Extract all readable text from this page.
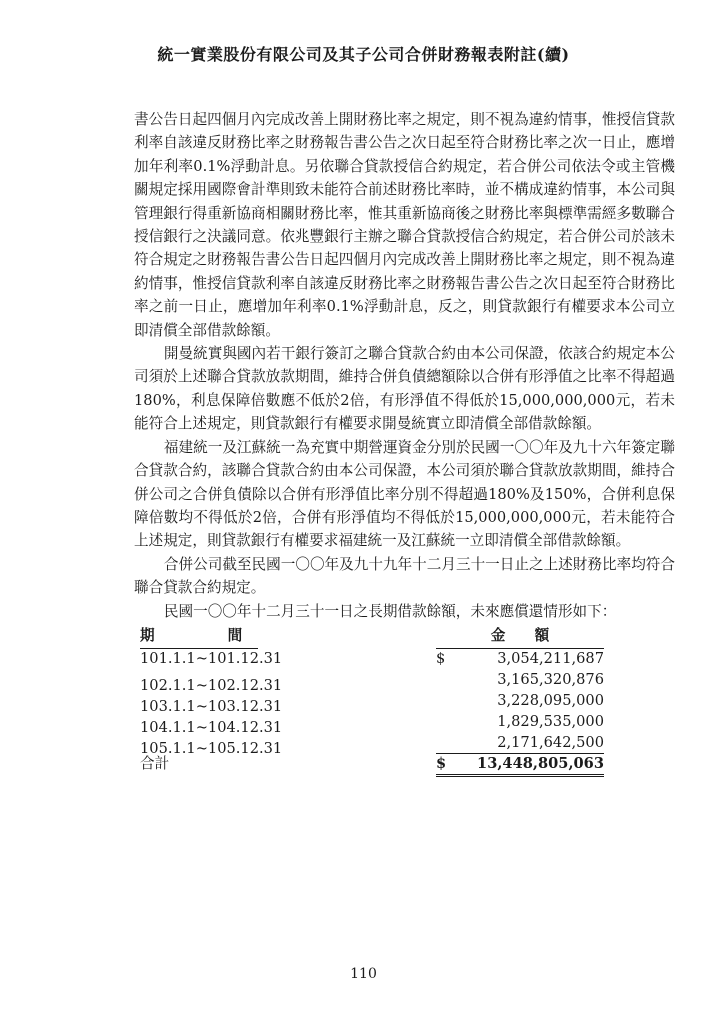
統一實業股份有限公司及其子公司合併財務報表附註(續)

書公告日起四個月內完成改善上開財務比率之規定，則不視為違約情事，惟授信貸款利率自該違反財務比率之財務報告書公告之次日起至符合財務比率之次一日止，應增加年利率0.1%浮動計息。另依聯合貸款授信合約規定，若合併公司依法令或主管機關規定採用國際會計準則致未能符合前述財務比率時，並不構成違約情事，本公司與管理銀行得重新協商相關財務比率，惟其重新協商後之財務比率與標準需經多數聯合授信銀行之決議同意。依兆豐銀行主辦之聯合貸款授信合約規定，若合併公司於該未符合規定之財務報告書公告日起四個月內完成改善上開財務比率之規定，則不視為違約情事，惟授信貸款利率自該違反財務比率之財務報告書公告之次日起至符合財務比率之前一日止，應增加年利率0.1%浮動計息，反之，則貸款銀行有權要求本公司立即清償全部借款餘額。

開曼統實與國內若干銀行簽訂之聯合貸款合約由本公司保證，依該合約規定本公司須於上述聯合貸款放款期間，維持合併負債總額除以合併有形淨值之比率不得超過180%，利息保障倍數應不低於2倍，有形淨值不得低於15,000,000,000元，若未能符合上述規定，則貸款銀行有權要求開曼統實立即清償全部借款餘額。

福建統一及江蘇統一為充實中期營運資金分別於民國一〇〇年及九十六年簽定聯合貸款合約，該聯合貸款合約由本公司保證，本公司須於聯合貸款放款期間，維持合併公司之合併負債除以合併有形淨值比率分別不得超過180%及150%，合併利息保障倍數均不得低於2倍，合併有形淨值均不得低於15,000,000,000元，若未能符合上述規定，則貸款銀行有權要求福建統一及江蘇統一立即清償全部借款餘額。

合併公司截至民國一〇〇年及九十九年十二月三十一日止之上述財務比率均符合聯合貸款合約規定。

民國一〇〇年十二月三十一日之長期借款餘額，未來應償還情形如下：

期　　　　　間	金　　額
101.1.1~101.12.31	$	3,054,211,687
102.1.1~102.12.31	3,165,320,876
103.1.1~103.12.31	3,228,095,000
104.1.1~104.12.31	1,829,535,000
105.1.1~105.12.31	2,171,642,500
合計	$ 13,448,805,063
110
